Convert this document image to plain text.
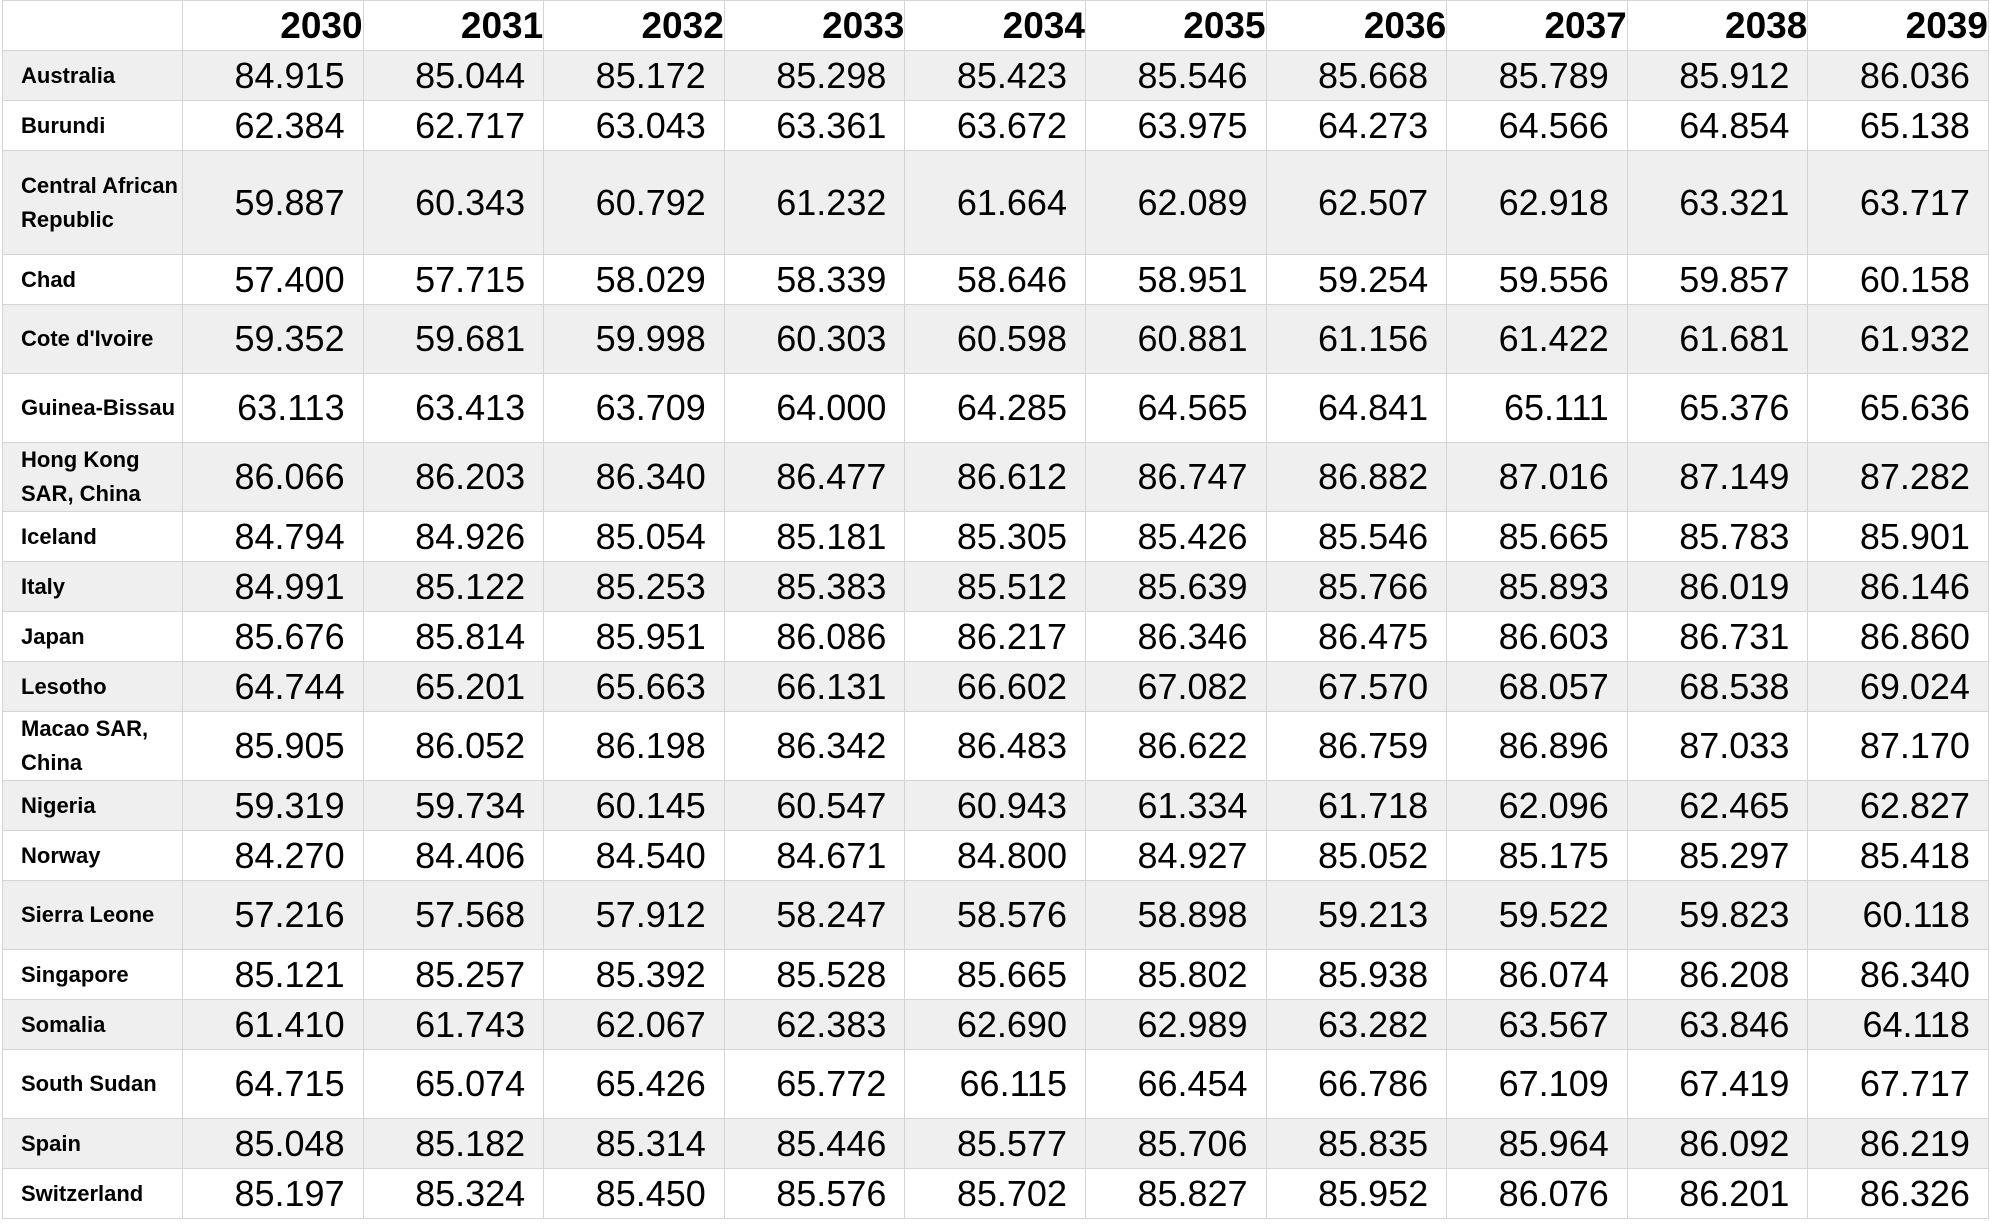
	2030	2031	2032	2033	2034	2035	2036	2037	2038	2039
Australia	84.915	85.044	85.172	85.298	85.423	85.546	85.668	85.789	85.912	86.036
Burundi	62.384	62.717	63.043	63.361	63.672	63.975	64.273	64.566	64.854	65.138
Central African Republic	59.887	60.343	60.792	61.232	61.664	62.089	62.507	62.918	63.321	63.717
Chad	57.400	57.715	58.029	58.339	58.646	58.951	59.254	59.556	59.857	60.158
Cote d'Ivoire	59.352	59.681	59.998	60.303	60.598	60.881	61.156	61.422	61.681	61.932
Guinea-Bissau	63.113	63.413	63.709	64.000	64.285	64.565	64.841	65.111	65.376	65.636
Hong Kong SAR, China	86.066	86.203	86.340	86.477	86.612	86.747	86.882	87.016	87.149	87.282
Iceland	84.794	84.926	85.054	85.181	85.305	85.426	85.546	85.665	85.783	85.901
Italy	84.991	85.122	85.253	85.383	85.512	85.639	85.766	85.893	86.019	86.146
Japan	85.676	85.814	85.951	86.086	86.217	86.346	86.475	86.603	86.731	86.860
Lesotho	64.744	65.201	65.663	66.131	66.602	67.082	67.570	68.057	68.538	69.024
Macao SAR, China	85.905	86.052	86.198	86.342	86.483	86.622	86.759	86.896	87.033	87.170
Nigeria	59.319	59.734	60.145	60.547	60.943	61.334	61.718	62.096	62.465	62.827
Norway	84.270	84.406	84.540	84.671	84.800	84.927	85.052	85.175	85.297	85.418
Sierra Leone	57.216	57.568	57.912	58.247	58.576	58.898	59.213	59.522	59.823	60.118
Singapore	85.121	85.257	85.392	85.528	85.665	85.802	85.938	86.074	86.208	86.340
Somalia	61.410	61.743	62.067	62.383	62.690	62.989	63.282	63.567	63.846	64.118
South Sudan	64.715	65.074	65.426	65.772	66.115	66.454	66.786	67.109	67.419	67.717
Spain	85.048	85.182	85.314	85.446	85.577	85.706	85.835	85.964	86.092	86.219
Switzerland	85.197	85.324	85.450	85.576	85.702	85.827	85.952	86.076	86.201	86.326
